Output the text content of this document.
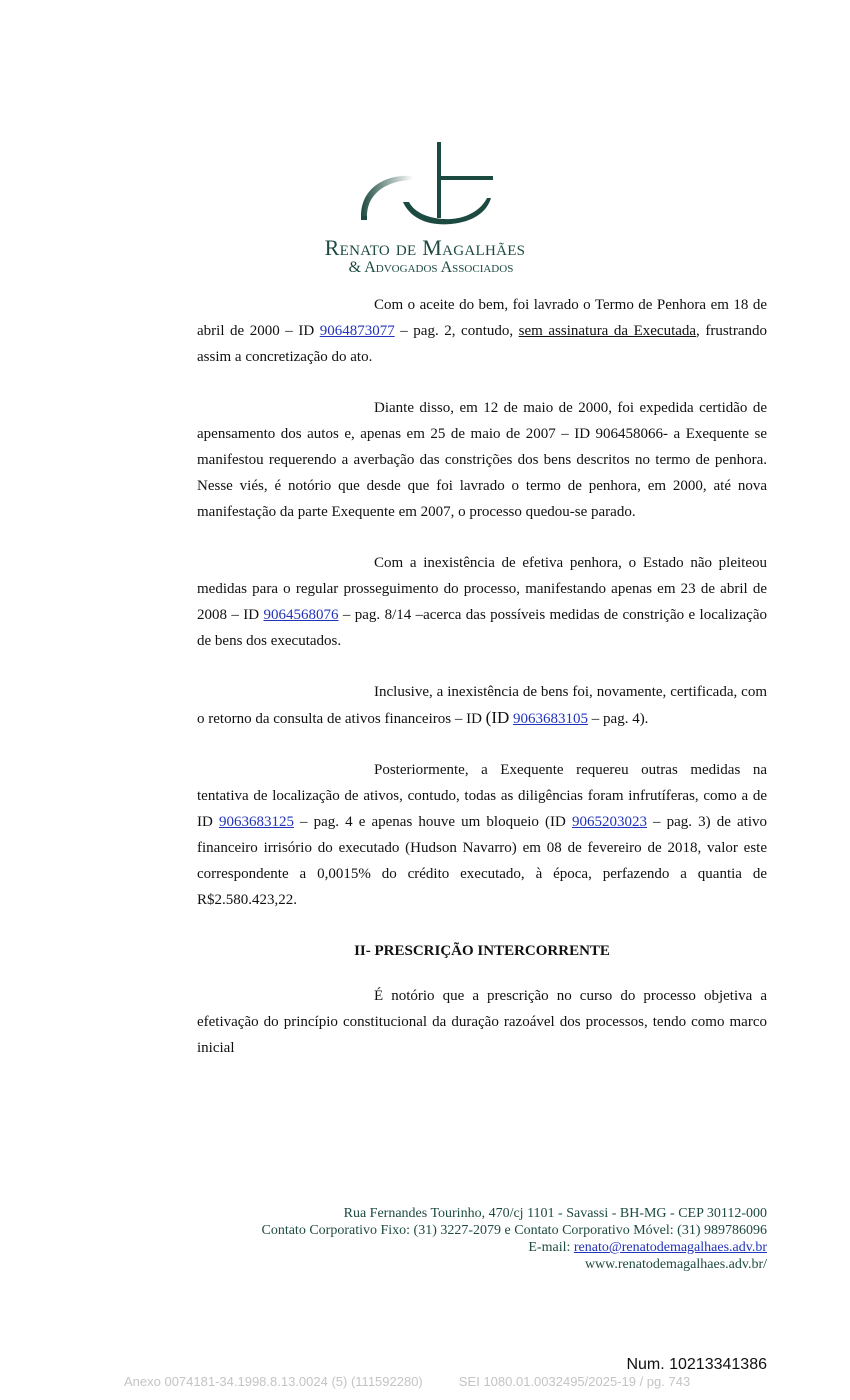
Renato de Magalhães
& Advogados Associados

Com o aceite do bem, foi lavrado o Termo de Penhora em 18 de abril de 2000 – ID 9064873077 – pag. 2, contudo, sem assinatura da Executada, frustrando assim a concretização do ato.

Diante disso, em 12 de maio de 2000, foi expedida certidão de apensamento dos autos e, apenas em 25 de maio de 2007 – ID 906458066- a Exequente se manifestou requerendo a averbação das constrições dos bens descritos no termo de penhora. Nesse viés, é notório que desde que foi lavrado o termo de penhora, em 2000, até nova manifestação da parte Exequente em 2007, o processo quedou-se parado.

Com a inexistência de efetiva penhora, o Estado não pleiteou medidas para o regular prosseguimento do processo, manifestando apenas em 23 de abril de 2008 – ID 9064568076 – pag. 8/14 –acerca das possíveis medidas de constrição e localização de bens dos executados.

Inclusive, a inexistência de bens foi, novamente, certificada, com o retorno da consulta de ativos financeiros – ID (ID 9063683105 – pag. 4).

Posteriormente, a Exequente requereu outras medidas na tentativa de localização de ativos, contudo, todas as diligências foram infrutíferas, como a de ID 9063683125 – pag. 4 e apenas houve um bloqueio (ID 9065203023 – pag. 3) de ativo financeiro irrisório do executado (Hudson Navarro) em 08 de fevereiro de 2018, valor este correspondente a 0,0015% do crédito executado, à época, perfazendo a quantia de R$2.580.423,22.

II- PRESCRIÇÃO INTERCORRENTE

É notório que a prescrição no curso do processo objetiva a efetivação do princípio constitucional da duração razoável dos processos, tendo como marco inicial

Rua Fernandes Tourinho, 470/cj 1101 - Savassi - BH-MG - CEP 30112-000
Contato Corporativo Fixo: (31) 3227-2079 e Contato Corporativo Móvel: (31) 989786096
E-mail: renato@renatodemagalhaes.adv.br
www.renatodemagalhaes.adv.br/
Num. 10213341386
Anexo 0074181-34.1998.8.13.0024 (5) (111592280)          SEI 1080.01.0032495/2025-19 / pg. 743
